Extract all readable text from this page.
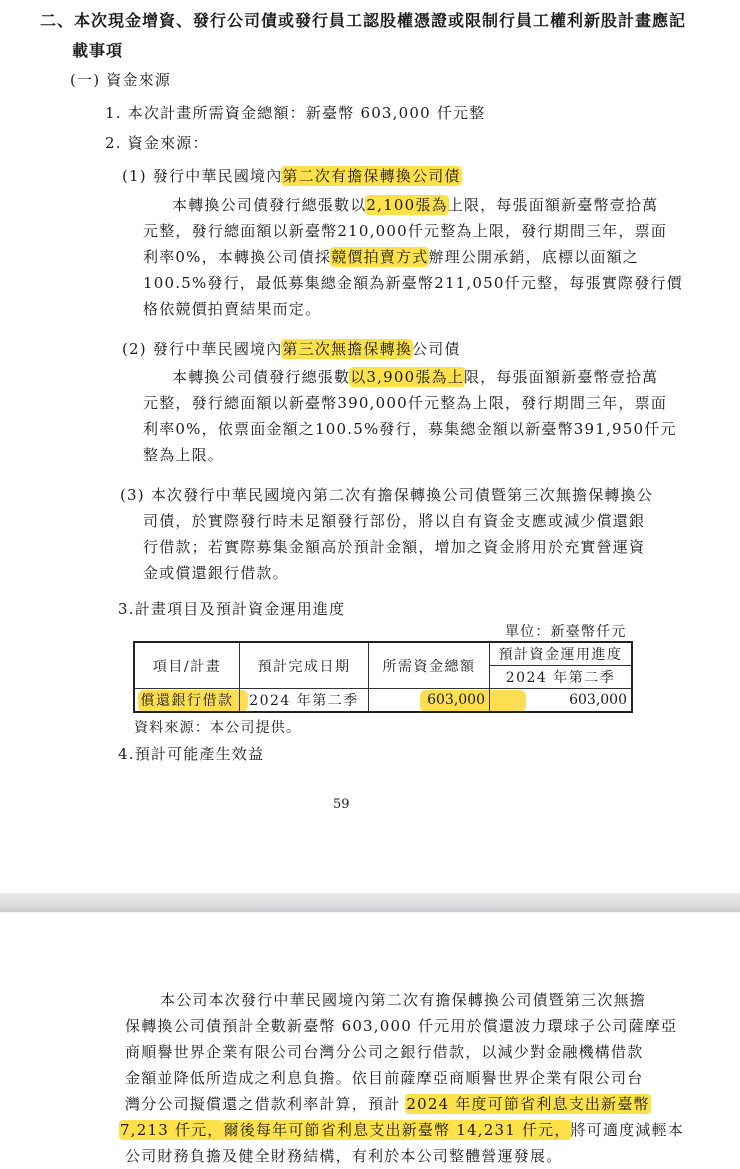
二、本次現金增資、發行公司債或發行員工認股權憑證或限制行員工權利新股計畫應記
載事項
(一) 資金來源
1. 本次計畫所需資金總額：新臺幣 603,000 仟元整
2. 資金來源：
(1) 發行中華民國境內第二次有擔保轉換公司債
本轉換公司債發行總張數以2,100張為上限，每張面額新臺幣壹拾萬
元整，發行總面額以新臺幣210,000仟元整為上限，發行期間三年，票面
利率0%，本轉換公司債採競價拍賣方式辦理公開承銷，底標以面額之
100.5%發行，最低募集總金額為新臺幣211,050仟元整，每張實際發行價
格依競價拍賣結果而定。
(2) 發行中華民國境內第三次無擔保轉換公司債
本轉換公司債發行總張數以3,900張為上限，每張面額新臺幣壹拾萬
元整，發行總面額以新臺幣390,000仟元整為上限，發行期間三年，票面
利率0%，依票面金額之100.5%發行，募集總金額以新臺幣391,950仟元
整為上限。
(3) 本次發行中華民國境內第二次有擔保轉換公司債暨第三次無擔保轉換公
司債，於實際發行時未足額發行部份，將以自有資金支應或減少償還銀
行借款；若實際募集金額高於預計金額，增加之資金將用於充實營運資
金或償還銀行借款。
3.計畫項目及預計資金運用進度
單位：新臺幣仟元
項目/計畫	預計完成日期	所需資金總額	預計資金運用進度
			2024 年第二季
償還銀行借款	2024 年第二季	603,000	603,000
資料來源：本公司提供。
4.預計可能產生效益
59
本公司本次發行中華民國境內第二次有擔保轉換公司債暨第三次無擔
保轉換公司債預計全數新臺幣 603,000 仟元用於償還波力環球子公司薩摩亞
商順譽世界企業有限公司台灣分公司之銀行借款，以減少對金融機構借款
金額並降低所造成之利息負擔。依目前薩摩亞商順譽世界企業有限公司台
灣分公司擬償還之借款利率計算，預計 2024 年度可節省利息支出新臺幣
7,213 仟元，爾後每年可節省利息支出新臺幣 14,231 仟元，將可適度減輕本
公司財務負擔及健全財務結構，有利於本公司整體營運發展。
